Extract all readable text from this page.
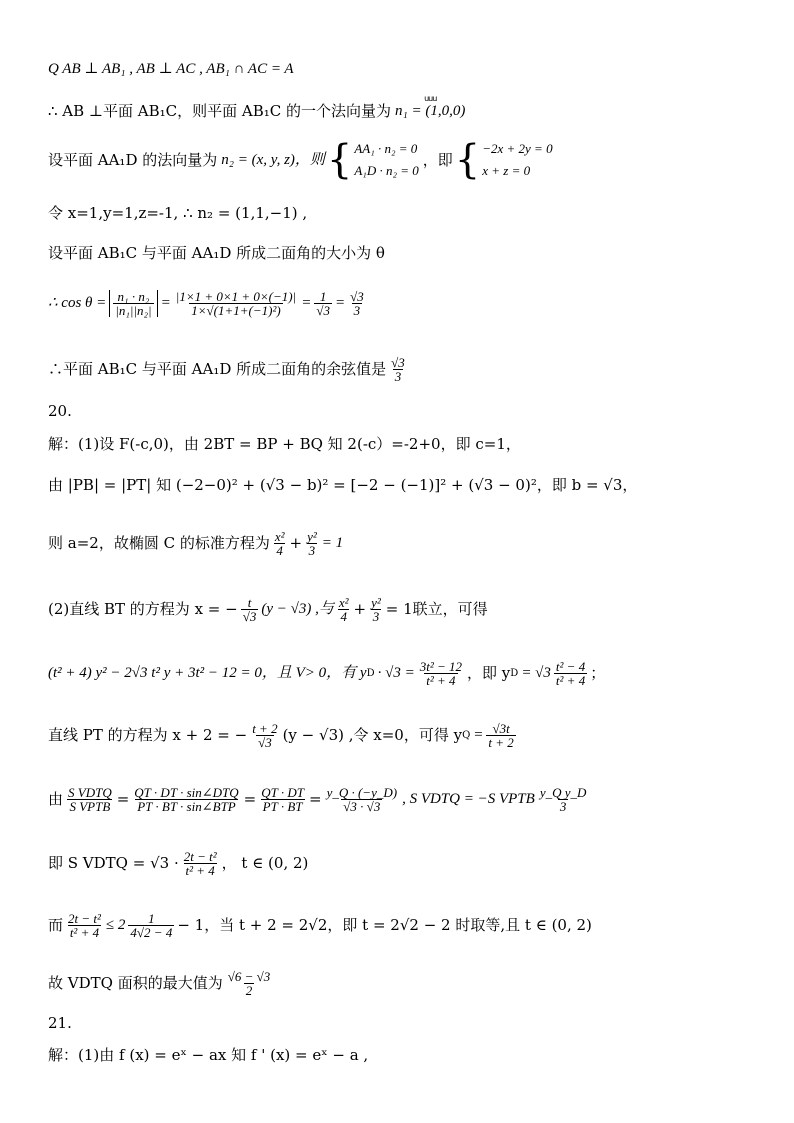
Q AB ⊥ AB₁ , AB ⊥ AC , AB₁ ∩ AC = A
∴ AB ⊥平面 AB₁C，则平面 AB₁C 的一个法向量为
uuu n₁ = (1,0,0)
设平面 AA₁D 的法向量为 n₂ = (x, y, z)，则 { AA₁ · n₂ = 0
A₁D · n₂ = 0
，即 { −2x + 2y = 0
x + z = 0
令 x=1,y=1,z=-1, ∴ n₂ = (1,1,−1) ,
设平面 AB₁C 与平面 AA₁D 所成二面角的大小为 θ
∴ $\cos \theta = \frac{\text{n₁ · n₂}}{\text{|n₁||n₂|}} = \frac{|1\times 1 + 0\times 1 + 0\times(-1)|}{\text{1×√(1+1+(−1)²)}} = \frac{1}{√3} = \frac{√3}{3}$
∴平面 AB₁C 与平面 AA₁D 所成二面角的余弦值是 $\frac{√3}{3}$
20.
解：(1)设 F(-c,0)，由 2BT = BP + BQ 知 2(-c）=-2+0，即 c=1，
由 |PB| = |PT| 知 (−2−0)² + (√3 − b)² = [−2 − (−1)]² + (√3 − 0)²，即 b = √3，
则 a=2，故椭圆 C 的标准方程为 $\frac{\text{x²}}{4} + \frac{\text{y²}}{3} = 1$
(2)直线 BT 的方程为 x = − $\frac{t}{√3} (y - √3)$ ,与 $\frac{\text{x²}}{4} + \frac{\text{y²}}{3} = 1$联立，可得
(t² + 4) y² − 2√3 t² y + 3t² − 12 = 0，且 V> 0，有 y $D \cdot √3 = \frac{\text{3t² − 12}}{\text{t² + 4}}$ ，即 y $D = √3 \frac{\text{t² − 4}}{\text{t² + 4}}$ ；
直线 PT 的方程为 x + 2 = − $\frac{t + 2}{√3} (y - √3)$ ,令 x=0，可得 y $Q = \frac{√3t}{t + 2}$
由 $\frac{\text{S VDTQ}}{\text{S VPTB}} = \frac{\text{QT · DT · sin∠DTQ}}{\text{PT · BT · sin∠BTP}} = \frac{QT \cdot DT}{PT \cdot BT} = \frac{y\_Q \cdot (-y\_D)}{√3 \cdot √3}$ , S VDTQ = −S VPTB $\frac{\text{y\_Q y\_D}}{3}$
即 S VDTQ = $√3 \cdot \frac{\text{2t − t²}}{\text{t² + 4}}$ ， t ∈ (0, 2)
而 $\frac{\text{2t − t²}}{\text{t² + 4}} \le 2 \frac{1}{4√2 - 4} - 1$，当 t + 2 = 2√2，即 t = 2√2 − 2 时取等,且 t ∈ (0, 2)
故 VDTQ 面积的最大值为 $\frac{√6 - √3}{2}$
21.
解：(1)由 f (x) = eˣ − ax 知 f ' (x) = eˣ − a ,
